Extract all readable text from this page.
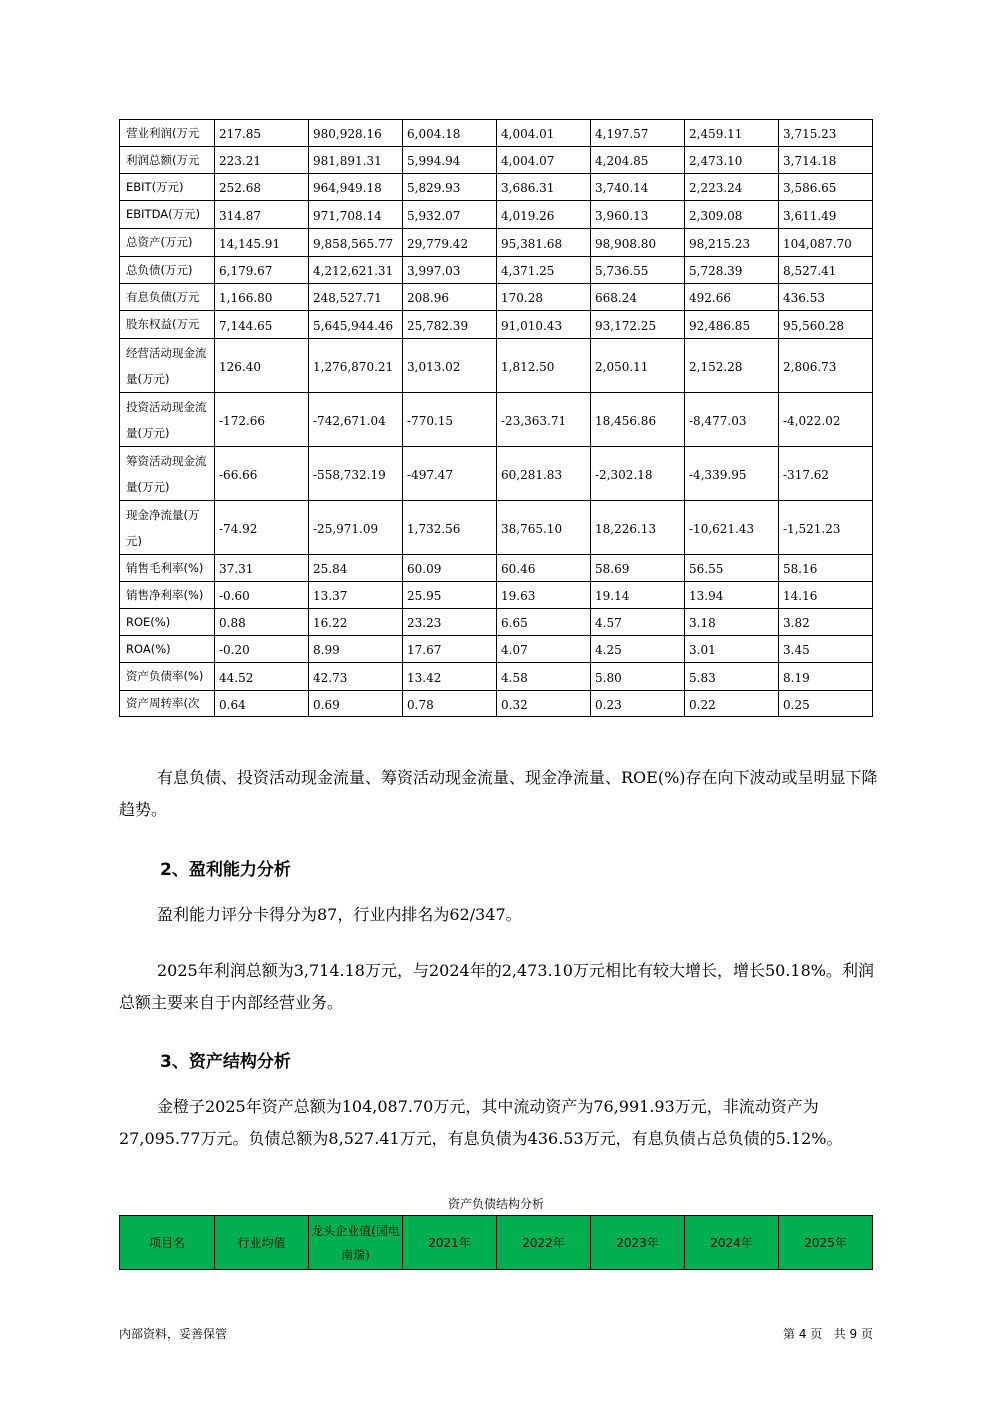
营业利润(万元	217.85	980,928.16	6,004.18	4,004.01	4,197.57	2,459.11	3,715.23
利润总额(万元	223.21	981,891.31	5,994.94	4,004.07	4,204.85	2,473.10	3,714.18
EBIT(万元)	252.68	964,949.18	5,829.93	3,686.31	3,740.14	2,223.24	3,586.65
EBITDA(万元)	314.87	971,708.14	5,932.07	4,019.26	3,960.13	2,309.08	3,611.49
总资产(万元)	14,145.91	9,858,565.77	29,779.42	95,381.68	98,908.80	98,215.23	104,087.70
总负债(万元)	6,179.67	4,212,621.31	3,997.03	4,371.25	5,736.55	5,728.39	8,527.41
有息负债(万元	1,166.80	248,527.71	208.96	170.28	668.24	492.66	436.53
股东权益(万元	7,144.65	5,645,944.46	25,782.39	91,010.43	93,172.25	92,486.85	95,560.28
经营活动现金流量(万元)	126.40	1,276,870.21	3,013.02	1,812.50	2,050.11	2,152.28	2,806.73
投资活动现金流量(万元)	-172.66	-742,671.04	-770.15	-23,363.71	18,456.86	-8,477.03	-4,022.02
筹资活动现金流量(万元)	-66.66	-558,732.19	-497.47	60,281.83	-2,302.18	-4,339.95	-317.62
现金净流量(万元)	-74.92	-25,971.09	1,732.56	38,765.10	18,226.13	-10,621.43	-1,521.23
销售毛利率(%)	37.31	25.84	60.09	60.46	58.69	56.55	58.16
销售净利率(%)	-0.60	13.37	25.95	19.63	19.14	13.94	14.16
ROE(%)	0.88	16.22	23.23	6.65	4.57	3.18	3.82
ROA(%)	-0.20	8.99	17.67	4.07	4.25	3.01	3.45
资产负债率(%)	44.52	42.73	13.42	4.58	5.80	5.83	8.19
资产周转率(次	0.64	0.69	0.78	0.32	0.23	0.22	0.25
有息负债、投资活动现金流量、筹资活动现金流量、现金净流量、ROE(%)存在向下波动或呈明显下降趋势。
2、盈利能力分析
盈利能力评分卡得分为87，行业内排名为62/347。
2025年利润总额为3,714.18万元，与2024年的2,473.10万元相比有较大增长，增长50.18%。利润总额主要来自于内部经营业务。
3、资产结构分析
金橙子2025年资产总额为104,087.70万元，其中流动资产为76,991.93万元，非流动资产为27,095.77万元。负债总额为8,527.41万元，有息负债为436.53万元，有息负债占总负债的5.12%。
资产负债结构分析
项目名	行业均值	龙头企业值(国电南瑞)	2021年	2022年	2023年	2024年	2025年
内部资料，妥善保管	第 4 页   共 9 页
